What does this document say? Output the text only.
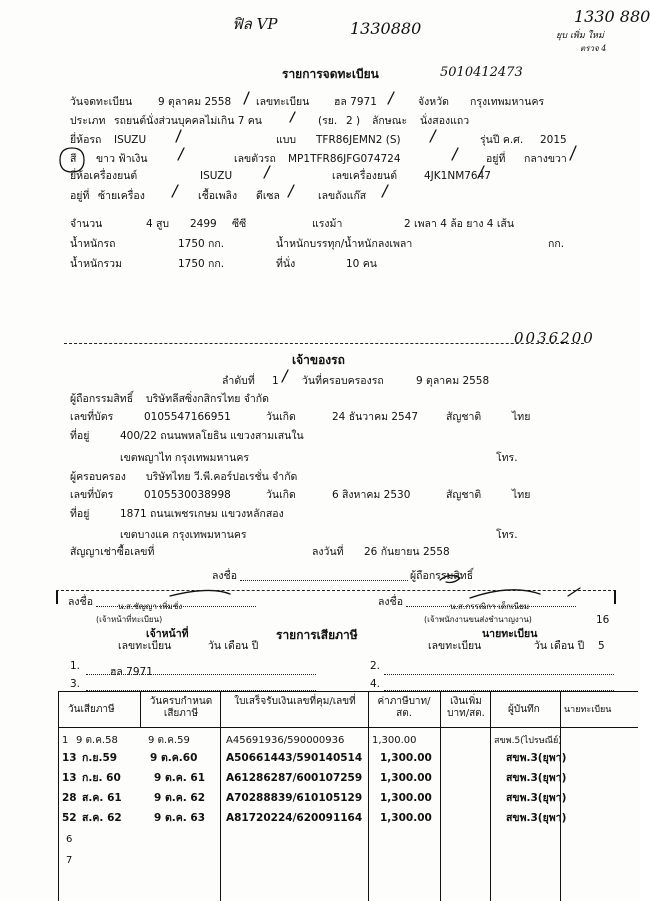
ฟิล VP	1330880
1330 880
ยุบ เพิ่ม ใหม่
ตรวจ 4
รายการจดทะเบียน	5010412473
วันจดทะเบียน 9 ตุลาคม 2558 เลขทะเบียน ฮล 7971	จังหวัด กรุงเทพมหานคร
ประเภท รถยนต์นั่งส่วนบุคคลไม่เกิน 7 คน	(รย. 2 ) ลักษณะ นั่งสองแถว
ยี่ห้อรถ ISUZU	แบบ TFR86JEMN2 (S)	รุ่นปี ค.ศ. 2015
สี ขาว ฟ้าเงิน	เลขตัวรถ MP1TFR86JFG074724	อยู่ที่ กลางขวา
ยี่ห้อเครื่องยนต์	ISUZU	เลขเครื่องยนต์	4JK1NM7647
อยู่ที่ ซ้ายเครื่อง	เชื้อเพลิง ดีเซล	เลขถังแก๊ส
จำนวน	4 สูบ 2499 ซีซี	แรงม้า	2 เพลา 4 ล้อ ยาง 4 เส้น
น้ำหนักรถ	1750 กก.	น้ำหนักบรรทุก/น้ำหนักลงเพลา	กก.
น้ำหนักรวม	1750 กก.	ที่นั่ง	10 คน
0036200
เจ้าของรถ
ลำดับที่ 1 วันที่ครอบครองรถ	9 ตุลาคม 2558
ผู้ถือกรรมสิทธิ์ บริษัทลีสซิ่งกสิกรไทย จำกัด
เลขที่บัตร	0105547166951	วันเกิด	24 ธันวาคม 2547	สัญชาติ	ไทย
ที่อยู่	400/22 ถนนพหลโยธิน แขวงสามเสนใน
เขตพญาไท กรุงเทพมหานคร	โทร.
ผู้ครอบครอง บริษัทไทย วี.พี.คอร์ปอเรชั่น จำกัด
เลขที่บัตร	0105530038998	วันเกิด	6 สิงหาคม 2530	สัญชาติ	ไทย
ที่อยู่	1871 ถนนเพชรเกษม แขวงหลักสอง
เขตบางแค กรุงเทพมหานคร	โทร.
สัญญาเช่าซื้อเลขที่	ลงวันที่ 26 กันยายน 2558
ลงชื่อ	ผู้ถือกรรมสิทธิ์
ลงชื่อ	น.ส.ชัญญา เพิ่มชั่ง
(เจ้าหน้าที่ทะเบียน)
เจ้าหน้าที่
ลงชื่อ	น.ส.กรรณิกา เด็กเนียม
(เจ้าพนักงานขนส่งชำนาญงาน)	16
นายทะเบียน
เลขทะเบียน	วัน เดือน ปี
รายการเสียภาษี
เลขทะเบียน	วัน เดือน ปี 5
1.	ฮล 7971	2.
3.	4.
วันเสียภาษี
วันครบกำหนดเสียภาษี
ใบเสร็จรับเงินเลขที่คุม/เลขที่	ค่าภาษีบาท/สต.
เงินเพิ่มบาท/สต.	ผู้บันทึก	นายทะเบียน
1 9 ต.ค.58	9 ต.ค.59	A45691936/590000936	1,300.00	สขพ.5(ไปรษณีย์)
13 ก.ย.59	9 ต.ค.60	A50661443/590140514 1,300.00	สขพ.3(ยุพา)
13 ก.ย. 60	9 ต.ค. 61 A61286287/600107259 1,300.00	สขพ.3(ยุพา)
28 ส.ค. 61	9 ต.ค. 62 A70288839/610105129 1,300.00	สขพ.3(ยุพา)
52 ส.ค. 62	9 ต.ค. 63 A81720224/620091164 1,300.00	สขพ.3(ยุพา)
6
7
